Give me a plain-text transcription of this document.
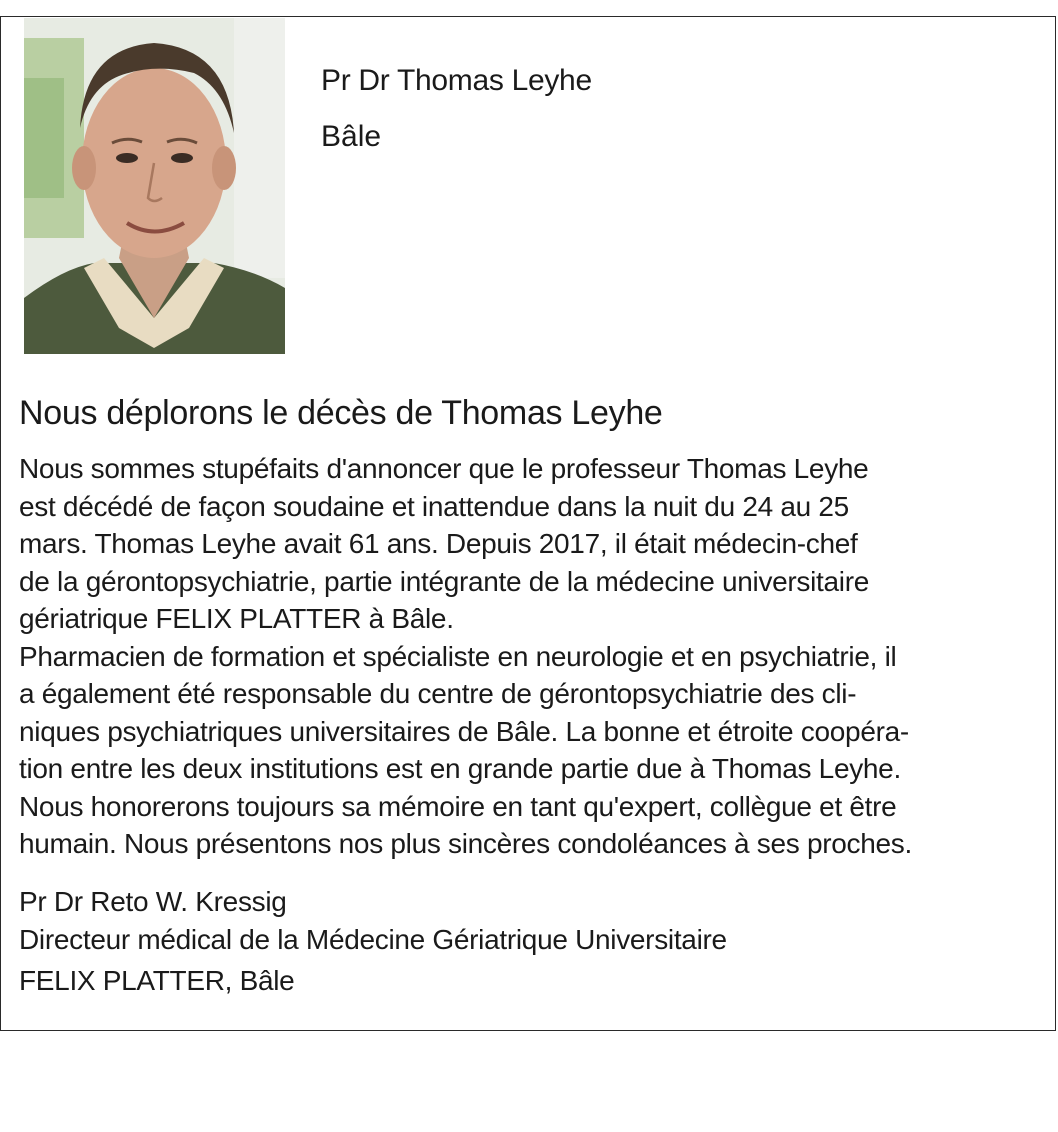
Pr Dr Thomas Leyhe
Bâle
Nous déplorons le décès de Thomas Leyhe
Nous sommes stupéfaits d'annoncer que le professeur Thomas Leyhe
est décédé de façon soudaine et inattendue dans la nuit du 24 au 25
mars. Thomas Leyhe avait 61 ans. Depuis 2017, il était médecin-chef
de la gérontopsychiatrie, partie intégrante de la médecine universitaire
gériatrique FELIX PLATTER à Bâle.
Pharmacien de formation et spécialiste en neurologie et en psychiatrie, il
a également été responsable du centre de gérontopsychiatrie des cli-
niques psychiatriques universitaires de Bâle. La bonne et étroite coopéra-
tion entre les deux institutions est en grande partie due à Thomas Leyhe.
Nous honorerons toujours sa mémoire en tant qu'expert, collègue et être
humain. Nous présentons nos plus sincères condoléances à ses proches.
Pr Dr Reto W. Kressig
Directeur médical de la Médecine Gériatrique Universitaire
FELIX PLATTER, Bâle
